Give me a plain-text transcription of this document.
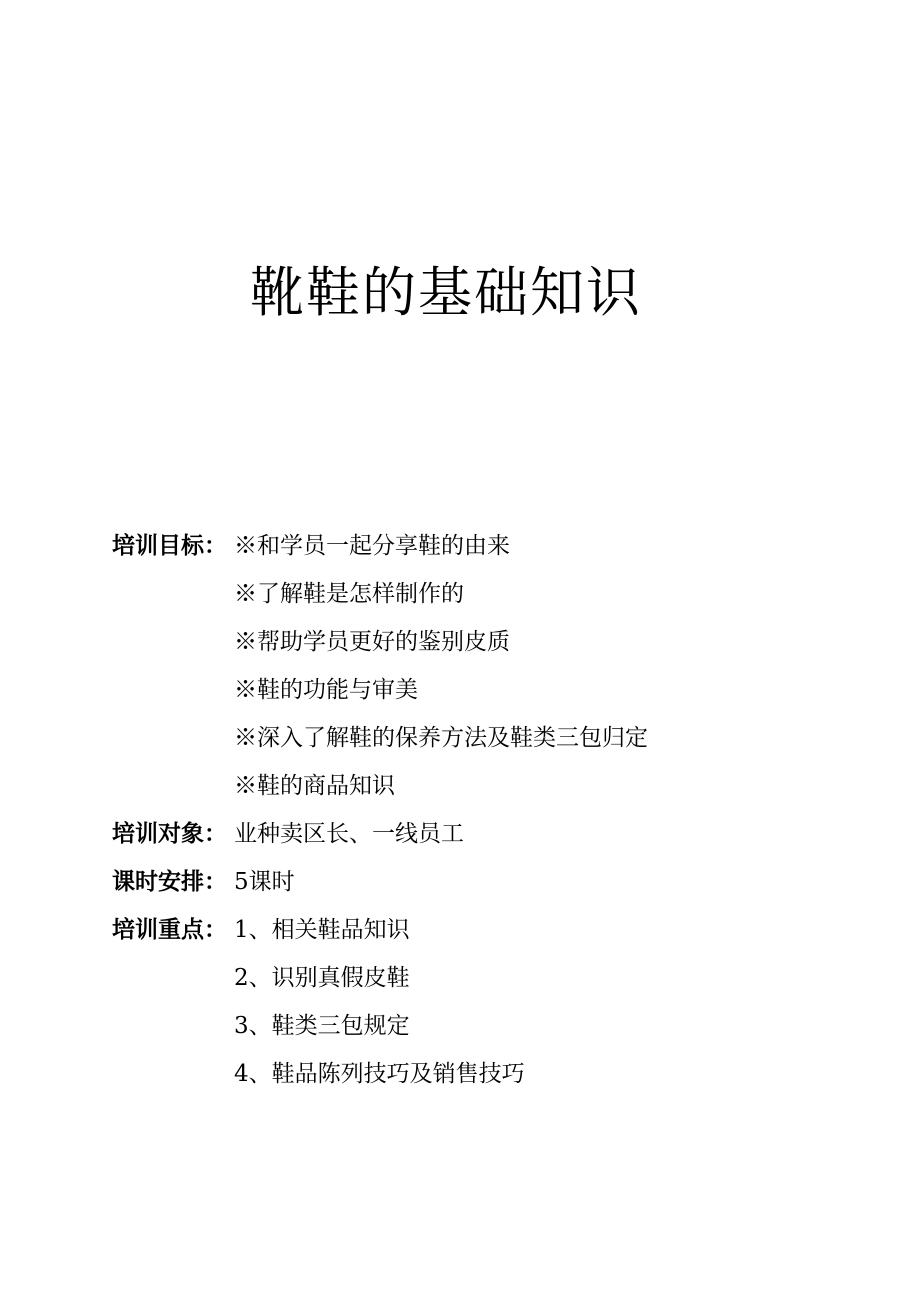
靴鞋的基础知识
培训目标： ※和学员一起分享鞋的由来
※了解鞋是怎样制作的
※帮助学员更好的鉴别皮质
※鞋的功能与审美
※深入了解鞋的保养方法及鞋类三包归定
※鞋的商品知识
培训对象： 业种卖区长、一线员工
课时安排： 5课时
培训重点： 1、相关鞋品知识
2、识别真假皮鞋
3、鞋类三包规定
4、鞋品陈列技巧及销售技巧
